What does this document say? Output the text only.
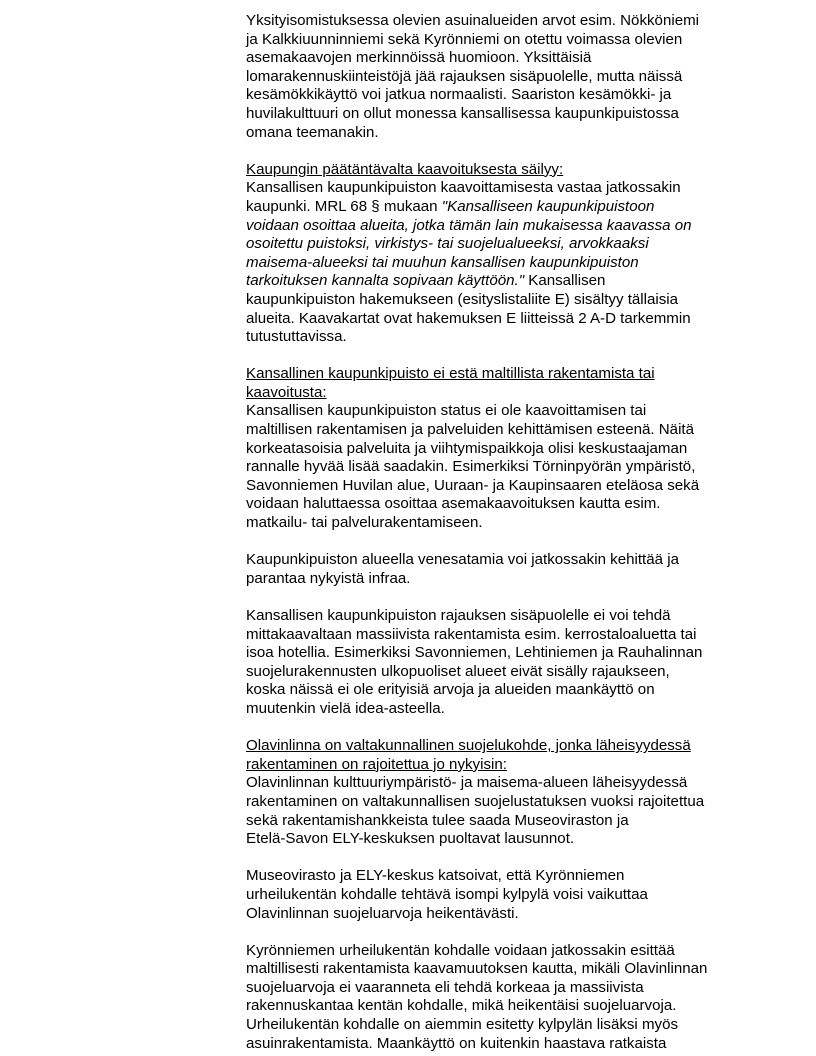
Yksityisomistuksessa olevien asuinalueiden arvot esim. Nökköniemi
ja Kalkkiuunninniemi sekä Kyrönniemi on otettu voimassa olevien
asemakaavojen merkinnöissä huomioon. Yksittäisiä
lomarakennuskiinteistöjä jää rajauksen sisäpuolelle, mutta näissä
kesämökkikäyttö voi jatkua normaalisti. Saariston kesämökki- ja
huvilakulttuuri on ollut monessa kansallisessa kaupunkipuistossa
omana teemanakin.
Kaupungin päätäntävalta kaavoituksesta säilyy:
Kansallisen kaupunkipuiston kaavoittamisesta vastaa jatkossakin
kaupunki. MRL 68 § mukaan "Kansalliseen kaupunkipuistoon
voidaan osoittaa alueita, jotka tämän lain mukaisessa kaavassa on
osoitettu puistoksi, virkistys- tai suojelualueeksi, arvokkaaksi
maisema-alueeksi tai muuhun kansallisen kaupunkipuiston
tarkoituksen kannalta sopivaan käyttöön." Kansallisen
kaupunkipuiston hakemukseen (esityslistaliite E) sisältyy tällaisia
alueita. Kaavakartat ovat hakemuksen E liitteissä 2 A-D tarkemmin
tutustuttavissa.
Kansallinen kaupunkipuisto ei estä maltillista rakentamista tai
kaavoitusta:
Kansallisen kaupunkipuiston status ei ole kaavoittamisen tai
maltillisen rakentamisen ja palveluiden kehittämisen esteenä. Näitä
korkeatasoisia palveluita ja viihtymispaikkoja olisi keskustaajaman
rannalle hyvää lisää saadakin. Esimerkiksi Törninpyörän ympäristö,
Savonniemen Huvilan alue, Uuraan- ja Kaupinsaaren eteläosa sekä
voidaan haluttaessa osoittaa asemakaavoituksen kautta esim.
matkailu- tai palvelurakentamiseen.
Kaupunkipuiston alueella venesatamia voi jatkossakin kehittää ja
parantaa nykyistä infraa.
Kansallisen kaupunkipuiston rajauksen sisäpuolelle ei voi tehdä
mittakaavaltaan massiivista rakentamista esim. kerrostaloaluetta tai
isoa hotellia. Esimerkiksi Savonniemen, Lehtiniemen ja Rauhalinnan
suojelurakennusten ulkopuoliset alueet eivät sisälly rajaukseen,
koska näissä ei ole erityisiä arvoja ja alueiden maankäyttö on
muutenkin vielä idea-asteella.
Olavinlinna on valtakunnallinen suojelukohde, jonka läheisyydessä
rakentaminen on rajoitettua jo nykyisin:
Olavinlinnan kulttuuriympäristö- ja maisema-alueen läheisyydessä
rakentaminen on valtakunnallisen suojelustatuksen vuoksi rajoitettua
sekä rakentamishankkeista tulee saada Museoviraston ja
Etelä-Savon ELY-keskuksen puoltavat lausunnot.
Museovirasto ja ELY-keskus katsoivat, että Kyrönniemen
urheilukentän kohdalle tehtävä isompi kylpylä voisi vaikuttaa
Olavinlinnan suojeluarvoja heikentävästi.
Kyrönniemen urheilukentän kohdalle voidaan jatkossakin esittää
maltillisesti rakentamista kaavamuutoksen kautta, mikäli Olavinlinnan
suojeluarvoja ei vaaranneta eli tehdä korkeaa ja massiivista
rakennuskantaa kentän kohdalle, mikä heikentäisi suojeluarvoja.
Urheilukentän kohdalle on aiemmin esitetty kylpylän lisäksi myös
asuinrakentamista. Maankäyttö on kuitenkin haastava ratkaista
